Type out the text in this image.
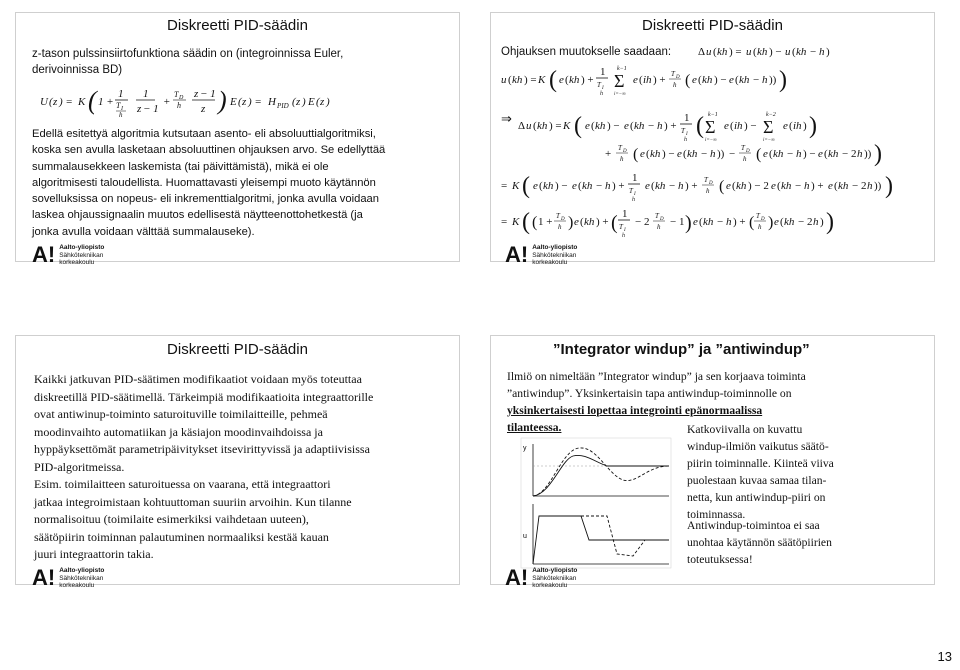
Diskreetti PID-säädin
z-tason pulssinsiirtofunktiona säädin on (integroinnissa Euler, derivoinnissa BD)
U ( z ) = K ( 1 +
1
T I
h
1
z − 1
+
T D
h
z − 1
z ) E ( z ) = H PID ( z ) E ( z )
Edellä esitettyä algoritmia kutsutaan asento- eli absoluuttialgoritmiksi, koska sen avulla lasketaan absoluuttinen ohjauksen arvo. Se edellyttää summalausekkeen laskemista (tai päivittämistä), mikä ei ole algoritmisesti taloudellista. Huomattavasti yleisempi muoto käytännön sovelluksissa on nopeus- eli inkrementtialgoritmi, jonka avulla voidaan laskea ohjaussignaalin muutos edellisestä näytteenottohetkestä (ja jonka avulla voidaan välttää summalauseke).
A! Aalto-yliopisto
Sähkötekniikan
korkeakoulu
Diskreetti PID-säädin
Ohjauksen muutokselle saadaan: Δ u ( kh ) = u ( kh ) − u ( kh − h )
u ( kh ) = K ( e ( kh ) +
1
T I
h
Σ
k−1
i=−∞
e ( ih ) + T D
h ( e ( kh ) − e ( kh − h )) )
⇒ Δ u ( kh ) = K ( e ( kh ) − e ( kh − h ) +
1
T I
h
( Σ
k−1
i=−∞
e ( ih ) − Σ
k−2
i=−∞
e ( ih ) )
+ T D
h ( e ( kh ) − e ( kh − h )) − T D
h ( e ( kh − h ) − e ( kh − 2 h )) )
= K ( e ( kh ) − e ( kh − h ) +
1
T I
h
e ( kh − h ) + T D
h ( e ( kh ) − 2 e ( kh − h ) + e ( kh − 2 h )) )
= K ( ( 1 + T D
h ) e ( kh ) + ( 1
T I
h
− 2 T D
h − 1 ) e ( kh − h ) + ( T D
h ) e ( kh − 2 h ) )
A! Aalto-yliopisto
Sähkötekniikan
korkeakoulu
Diskreetti PID-säädin
Kaikki jatkuvan PID-säätimen modifikaatiot voidaan myös toteuttaa diskreetillä PID-säätimellä. Tärkeimpiä modifikaatioita integraattorille ovat antiwinup-toiminto saturoituville toimilaitteille, pehmeä moodinvaihto automatiikan ja käsiajon moodinvaihdoissa ja hyppäyksettömät parametripäivitykset itsevirittyvissä ja adaptiivisissa PID-algoritmeissa.
Esim. toimilaitteen saturoituessa on vaarana, että integraattori jatkaa integroimistaan kohtuuttoman suuriin arvoihin. Kun tilanne normalisoituu (toimilaite esimerkiksi vaihdetaan uuteen), säätöpiirin toiminnan palautuminen normaaliksi kestää kauan juuri integraattorin takia.
A! Aalto-yliopisto
Sähkötekniikan
korkeakoulu
”Integrator windup” ja ”antiwindup”
Ilmiö on nimeltään ”Integrator windup” ja sen korjaava toiminta ”antiwindup”. Yksinkertaisin tapa antiwindup-toiminnolle on
yksinkertaisesti lopettaa integrointi epänormaalissa tilanteessa.
y
u
Katkoviivalla on kuvattu windup-ilmiön vaikutus säätö-piirin toiminnalle. Kiinteä viiva puolestaan kuvaa samaa tilan-netta, kun antiwindup-piiri on toiminnassa.
Antiwindup-toimintoa ei saa unohtaa käytännön säätöpiirien toteutuksessa!
A! Aalto-yliopisto
Sähkötekniikan
korkeakoulu
13
